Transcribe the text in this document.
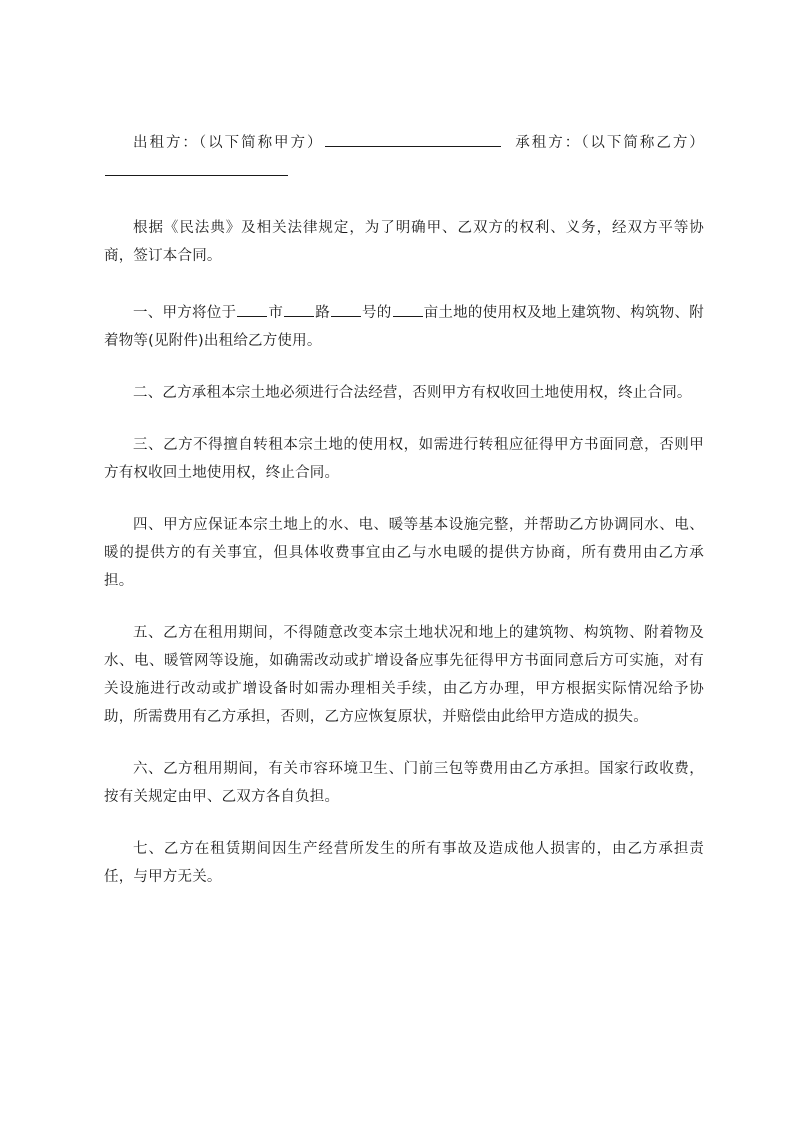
出租方：（以下简称甲方）	承租方：（以下简称乙方）

根据《民法典》及相关法律规定，为了明确甲、乙双方的权利、义务，经双方平等协商，签订本合同。

一、甲方将位于 市 路 号的 亩土地的使用权及地上建筑物、构筑物、附着物等(见附件)出租给乙方使用。

二、乙方承租本宗土地必须进行合法经营，否则甲方有权收回土地使用权，终止合同。

三、乙方不得擅自转租本宗土地的使用权，如需进行转租应征得甲方书面同意，否则甲方有权收回土地使用权，终止合同。

四、甲方应保证本宗土地上的水、电、暖等基本设施完整，并帮助乙方协调同水、电、暖的提供方的有关事宜，但具体收费事宜由乙与水电暖的提供方协商，所有费用由乙方承担。

五、乙方在租用期间，不得随意改变本宗土地状况和地上的建筑物、构筑物、附着物及水、电、暖管网等设施，如确需改动或扩增设备应事先征得甲方书面同意后方可实施，对有关设施进行改动或扩增设备时如需办理相关手续，由乙方办理，甲方根据实际情况给予协助，所需费用有乙方承担，否则，乙方应恢复原状，并赔偿由此给甲方造成的损失。

六、乙方租用期间，有关市容环境卫生、门前三包等费用由乙方承担。国家行政收费，按有关规定由甲、乙双方各自负担。

七、乙方在租赁期间因生产经营所发生的所有事故及造成他人损害的，由乙方承担责任，与甲方无关。
